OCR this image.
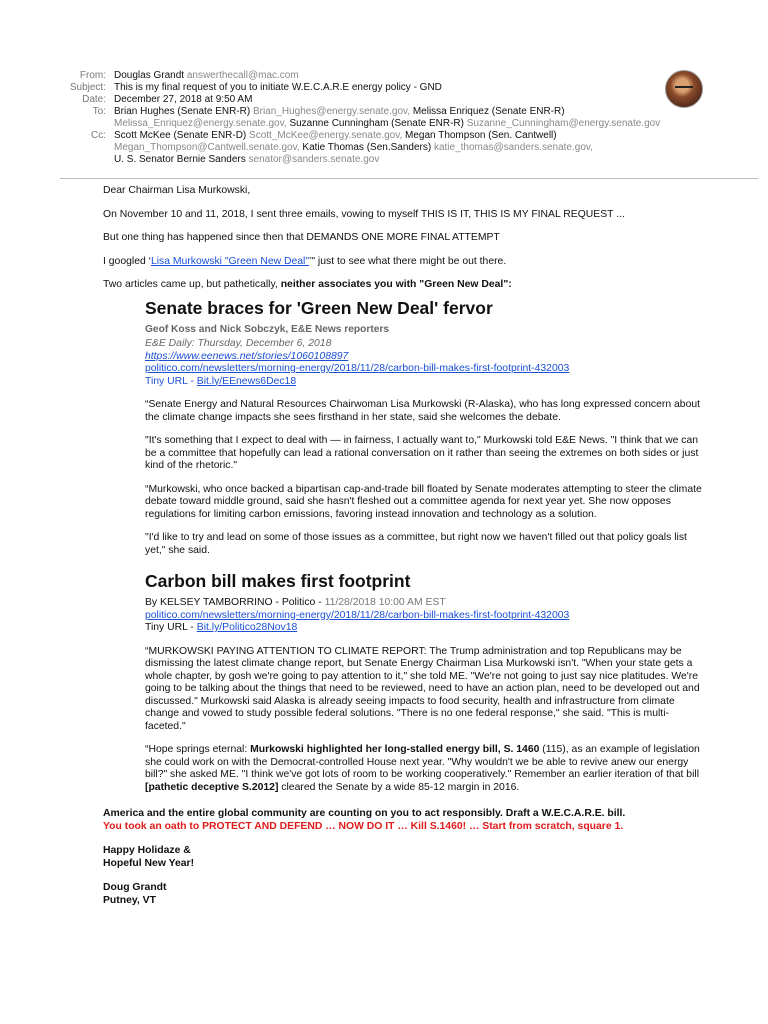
From: Douglas Grandt answerthecall@mac.com
Subject: This is my final request of you to initiate W.E.C.A.R.E energy policy - GND
Date: December 27, 2018 at 9:50 AM
To: Brian Hughes (Senate ENR-R) Brian_Hughes@energy.senate.gov, Melissa Enriquez (Senate ENR-R)
Melissa_Enriquez@energy.senate.gov, Suzanne Cunningham (Senate ENR-R) Suzanne_Cunningham@energy.senate.gov
Cc: Scott McKee (Senate ENR-D) Scott_McKee@energy.senate.gov, Megan Thompson (Sen. Cantwell)
Megan_Thompson@Cantwell.senate.gov, Katie Thomas (Sen.Sanders) katie_thomas@sanders.senate.gov,
U. S. Senator Bernie Sanders senator@sanders.senate.gov

Dear Chairman Lisa Murkowski,

On November 10 and 11, 2018, I sent three emails, vowing to myself THIS IS IT, THIS IS MY FINAL REQUEST ...

But one thing has happened since then that DEMANDS ONE MORE FINAL ATTEMPT

I googled ‘Lisa Murkowski "Green New Deal"’" just to see what there might be out there.

Two articles came up, but pathetically, neither associates you with "Green New Deal":

Senate braces for 'Green New Deal' fervor
Geof Koss and Nick Sobczyk, E&E News reporters
E&E Daily: Thursday, December 6, 2018
https://www.eenews.net/stories/1060108897
politico.com/newsletters/morning-energy/2018/11/28/carbon-bill-makes-first-footprint-432003
Tiny URL - Bit.ly/EEnews6Dec18

“Senate Energy and Natural Resources Chairwoman Lisa Murkowski (R-Alaska), who has long expressed concern about the climate change impacts she sees firsthand in her state, said she welcomes the debate.

"It's something that I expect to deal with — in fairness, I actually want to," Murkowski told E&E News. "I think that we can be a committee that hopefully can lead a rational conversation on it rather than seeing the extremes on both sides or just kind of the rhetoric."

“Murkowski, who once backed a bipartisan cap-and-trade bill floated by Senate moderates attempting to steer the climate debate toward middle ground, said she hasn't fleshed out a committee agenda for next year yet. She now opposes regulations for limiting carbon emissions, favoring instead innovation and technology as a solution.

"I'd like to try and lead on some of those issues as a committee, but right now we haven't filled out that policy goals list yet," she said.

Carbon bill makes first footprint
By KELSEY TAMBORRINO - Politico - 11/28/2018 10:00 AM EST
politico.com/newsletters/morning-energy/2018/11/28/carbon-bill-makes-first-footprint-432003
Tiny URL - Bit.ly/Politico28Nov18

“MURKOWSKI PAYING ATTENTION TO CLIMATE REPORT: The Trump administration and top Republicans may be dismissing the latest climate change report, but Senate Energy Chairman Lisa Murkowski isn't. "When your state gets a whole chapter, by gosh we're going to pay attention to it," she told ME. "We're not going to just say nice platitudes. We're going to be talking about the things that need to be reviewed, need to have an action plan, need to be developed out and discussed." Murkowski said Alaska is already seeing impacts to food security, health and infrastructure from climate change and vowed to study possible federal solutions. "There is no one federal response," she said. "This is multi-faceted."

“Hope springs eternal: Murkowski highlighted her long-stalled energy bill, S. 1460 (115), as an example of legislation she could work on with the Democrat-controlled House next year. "Why wouldn't we be able to revive anew our energy bill?" she asked ME. "I think we've got lots of room to be working cooperatively." Remember an earlier iteration of that bill [pathetic deceptive S.2012] cleared the Senate by a wide 85-12 margin in 2016.

America and the entire global community are counting on you to act responsibly. Draft a W.E.C.A.R.E. bill.
You took an oath to PROTECT AND DEFEND … NOW DO IT … Kill S.1460! … Start from scratch, square 1.
Happy Holidaze &
Hopeful New Year!
Doug Grandt
Putney, VT
